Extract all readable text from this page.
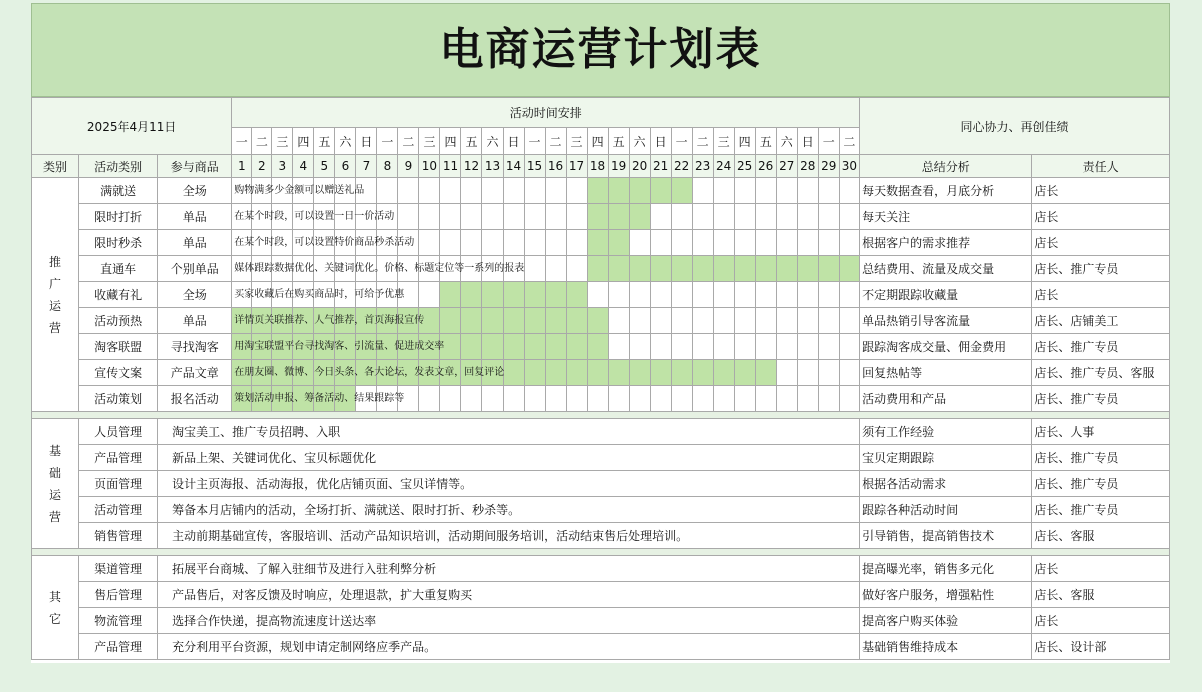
电商运营计划表
2025年4月11日			活动时间安排																														同心协力、再创佳绩	
			一	二	三	四	五	六	日	一	二	三	四	五	六	日	一	二	三	四	五	六	日	一	二	三	四	五	六	日	一	二		
类别	活动类别	参与商品	1	2	3	4	5	6	7	8	9	10	11	12	13	14	15	16	17	18	19	20	21	22	23	24	25	26	27	28	29	30	总结分析	责任人

推
广
运
营	满就送	全场	购物满多少金额可以赠送礼品																														每天数据查看，月底分析	店长
	限时打折	单品	在某个时段，可以设置一日一价活动																														每天关注	店长
	限时秒杀	单品	在某个时段，可以设置特价商品秒杀活动																														根据客户的需求推荐	店长
	直通车	个别单品	媒体跟踪数据优化、关键词优化。价格、标题定位等一系列的报表																														总结费用、流量及成交量	店长、推广专员
	收藏有礼	全场	买家收藏后在购买商品时，可给予优惠																														不定期跟踪收藏量	店长
	活动预热	单品	详情页关联推荐、人气推荐，首页海报宣传																														单品热销引导客流量	店长、店铺美工
	淘客联盟	寻找淘客	用淘宝联盟平台寻找淘客、引流量、促进成交率																														跟踪淘客成交量、佣金费用	店长、推广专员
	宣传文案	产品文章	在朋友圈、微博、今日头条、各大论坛，发表文章，回复评论																														回复热帖等	店长、推广专员、客服
	活动策划	报名活动	策划活动申报、筹备活动、结果跟踪等																														活动费用和产品	店长、推广专员

基
础
运
营	人员管理	淘宝美工、推广专员招聘、入职																															须有工作经验	店长、人事
	产品管理	新品上架、关键词优化、宝贝标题优化																															宝贝定期跟踪	店长、推广专员
	页面管理	设计主页海报、活动海报，优化店铺页面、宝贝详情等。																															根据各活动需求	店长、推广专员
	活动管理	筹备本月店铺内的活动，全场打折、满就送、限时打折、秒杀等。																															跟踪各种活动时间	店长、推广专员
	销售管理	主动前期基础宣传，客服培训、活动产品知识培训，活动期间服务培训，活动结束售后处理培训。																															引导销售，提高销售技术	店长、客服

其
它	渠道管理	拓展平台商城、了解入驻细节及进行入驻利弊分析																															提高曝光率，销售多元化	店长
	售后管理	产品售后，对客反馈及时响应，处理退款，扩大重复购买																															做好客户服务，增强粘性	店长、客服
	物流管理	选择合作快递，提高物流速度计送达率																															提高客户购买体验	店长
	产品管理	充分利用平台资源，规划申请定制网络应季产品。																															基础销售维持成本	店长、设计部
